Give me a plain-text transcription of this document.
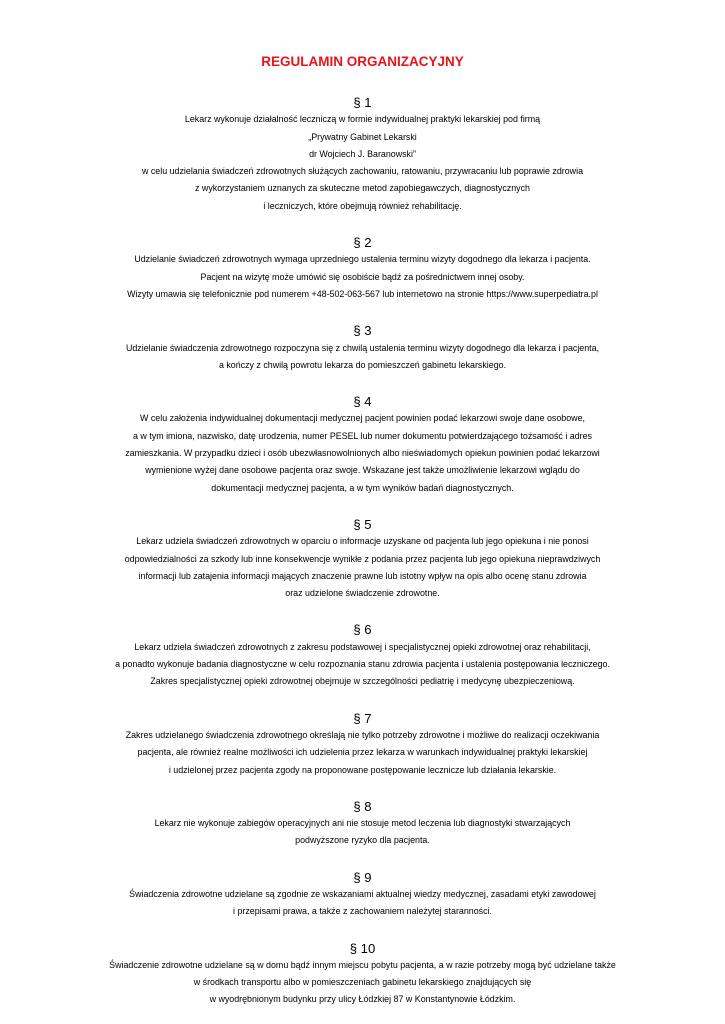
REGULAMIN ORGANIZACYJNY
§ 1
Lekarz wykonuje działalność leczniczą w formie indywidualnej praktyki lekarskiej pod firmą
„Prywatny Gabinet Lekarski
dr Wojciech J. Baranowski”
w celu udzielania świadczeń zdrowotnych służących zachowaniu, ratowaniu, przywracaniu lub poprawie zdrowia
z wykorzystaniem uznanych za skuteczne metod zapobiegawczych, diagnostycznych
i leczniczych, które obejmują również rehabilitację.
§ 2
Udzielanie świadczeń zdrowotnych wymaga uprzedniego ustalenia terminu wizyty dogodnego dla lekarza i pacjenta.
Pacjent na wizytę może umówić się osobiście bądź za pośrednictwem innej osoby.
Wizyty umawia się telefonicznie pod numerem +48-502-063-567 lub internetowo na stronie https://www.superpediatra.pl
§ 3
Udzielanie świadczenia zdrowotnego rozpoczyna się z chwilą ustalenia terminu wizyty dogodnego dla lekarza i pacjenta,
a kończy z chwilą powrotu lekarza do pomieszczeń gabinetu lekarskiego.
§ 4
W celu założenia indywidualnej dokumentacji medycznej pacjent powinien podać lekarzowi swoje dane osobowe,
a w tym imiona, nazwisko, datę urodzenia, numer PESEL lub numer dokumentu potwierdzającego tożsamość i adres
zamieszkania. W przypadku dzieci i osób ubezwłasnowolnionych albo nieświadomych opiekun powinien podać lekarzowi
wymienione wyżej dane osobowe pacjenta oraz swoje. Wskazane jest także umożliwienie lekarzowi wglądu do
dokumentacji medycznej pacjenta, a w tym wyników badań diagnostycznych.
§ 5
Lekarz udziela świadczeń zdrowotnych w oparciu o informacje uzyskane od pacjenta lub jego opiekuna i nie ponosi
odpowiedzialności za szkody lub inne konsekwencje wynikłe z podania przez pacjenta lub jego opiekuna nieprawdziwych
informacji lub zatajenia informacji mających znaczenie prawne lub istotny wpływ na opis albo ocenę stanu zdrowia
oraz udzielone świadczenie zdrowotne.
§ 6
Lekarz udziela świadczeń zdrowotnych z zakresu podstawowej i specjalistycznej opieki zdrowotnej oraz rehabilitacji,
a ponadto wykonuje badania diagnostyczne w celu rozpoznania stanu zdrowia pacjenta i ustalenia postępowania leczniczego.
Zakres specjalistycznej opieki zdrowotnej obejmuje w szczególności pediatrię i medycynę ubezpieczeniową.
§ 7
Zakres udzielanego świadczenia zdrowotnego określają nie tylko potrzeby zdrowotne i możliwe do realizacji oczekiwania
pacjenta, ale również realne możliwości ich udzielenia przez lekarza w warunkach indywidualnej praktyki lekarskiej
i udzielonej przez pacjenta zgody na proponowane postępowanie lecznicze lub działania lekarskie.
§ 8
Lekarz nie wykonuje zabiegów operacyjnych ani nie stosuje metod leczenia lub diagnostyki stwarzających
podwyższone ryzyko dla pacjenta.
§ 9
Świadczenia zdrowotne udzielane są zgodnie ze wskazaniami aktualnej wiedzy medycznej, zasadami etyki zawodowej
i przepisami prawa, a także z zachowaniem należytej staranności.
§ 10
Świadczenie zdrowotne udzielane są w domu bądź innym miejscu pobytu pacjenta, a w razie potrzeby mogą być udzielane także
w środkach transportu albo w pomieszczeniach gabinetu lekarskiego znajdujących się
w wyodrębnionym budynku przy ulicy Łódzkiej 87 w Konstantynowie Łódzkim.
